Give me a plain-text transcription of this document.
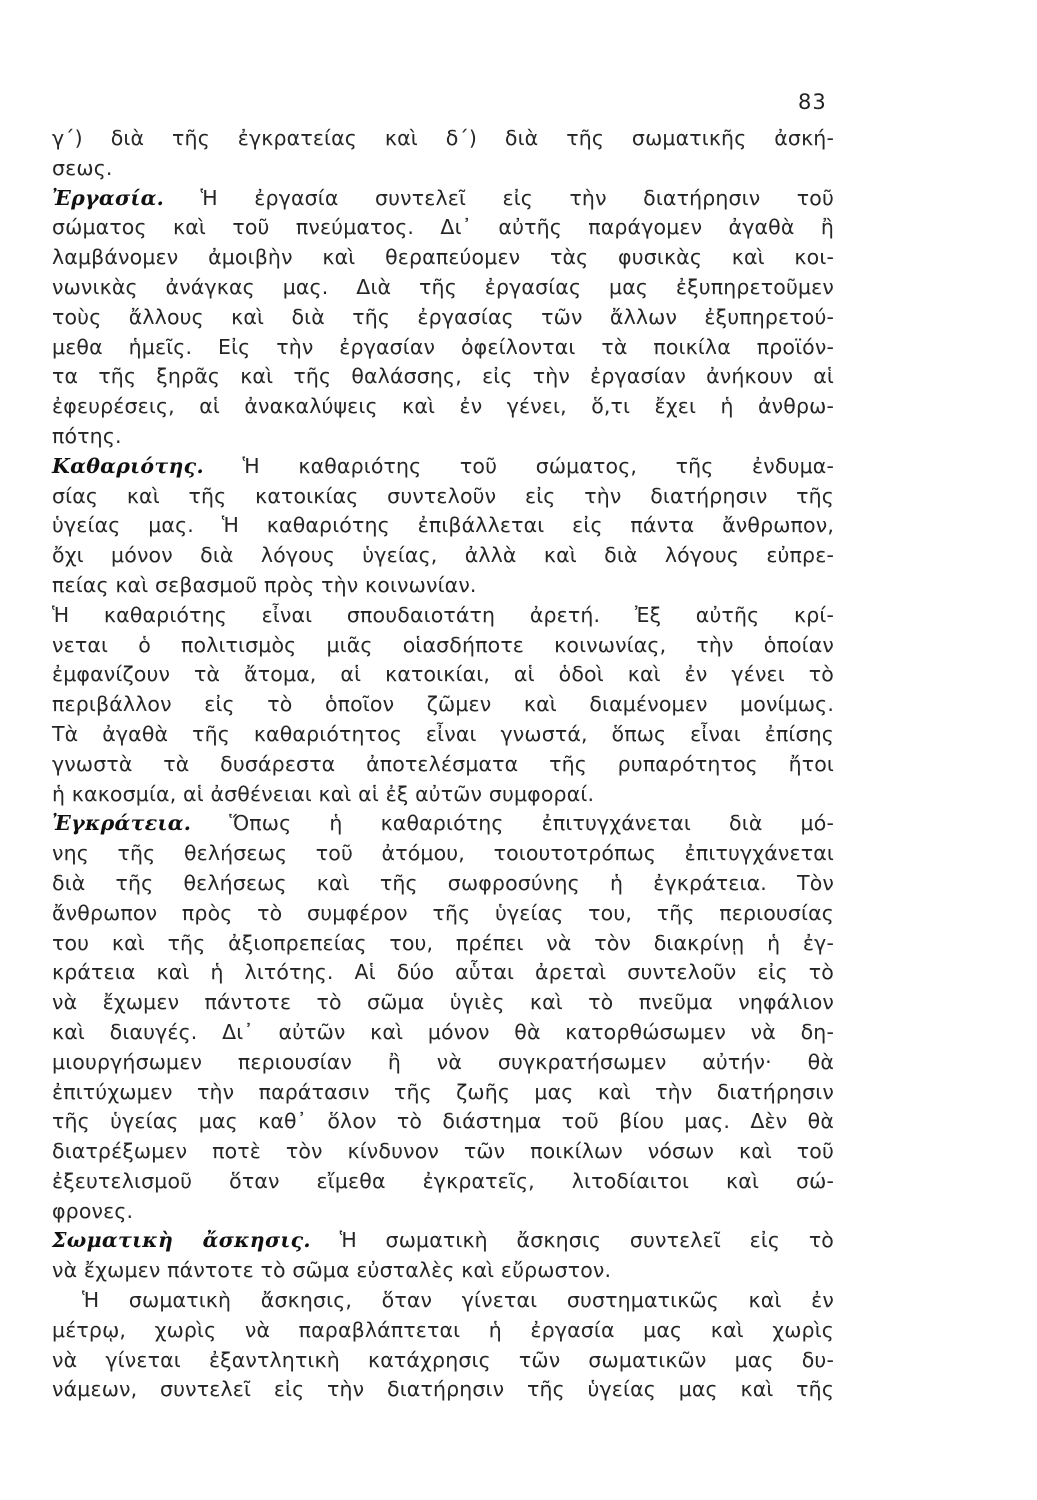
83
γ΄) διὰ τῆς ἐγκρατείας καὶ δ΄) διὰ τῆς σωματικῆς ἀσκή-
σεως.
Ἐργασία. Ἡ ἐργασία συντελεῖ εἰς τὴν διατήρησιν τοῦ
σώματος καὶ τοῦ πνεύματος. Δι᾽ αὐτῆς παράγομεν ἀγαθὰ ἢ
λαμβάνομεν ἀμοιβὴν καὶ θεραπεύομεν τὰς φυσικὰς καὶ κοι-
νωνικὰς ἀνάγκας μας. Διὰ τῆς ἐργασίας μας ἐξυπηρετοῦμεν
τοὺς ἄλλους καὶ διὰ τῆς ἐργασίας τῶν ἄλλων ἐξυπηρετού-
μεθα ἡμεῖς. Εἰς τὴν ἐργασίαν ὀφείλονται τὰ ποικίλα προϊόν-
τα τῆς ξηρᾶς καὶ τῆς θαλάσσης, εἰς τὴν ἐργασίαν ἀνήκουν αἱ
ἐφευρέσεις, αἱ ἀνακαλύψεις καὶ ἐν γένει, ὅ,τι ἔχει ἡ ἀνθρω-
πότης.
Καθαριότης. Ἡ καθαριότης τοῦ σώματος, τῆς ἐνδυμα-
σίας καὶ τῆς κατοικίας συντελοῦν εἰς τὴν διατήρησιν τῆς
ὑγείας μας. Ἡ καθαριότης ἐπιβάλλεται εἰς πάντα ἄνθρωπον,
ὄχι μόνον διὰ λόγους ὑγείας, ἀλλὰ καὶ διὰ λόγους εὐπρε-
πείας καὶ σεβασμοῦ πρὸς τὴν κοινωνίαν.
Ἡ καθαριότης εἶναι σπουδαιοτάτη ἀρετή. Ἐξ αὐτῆς κρί-
νεται ὁ πολιτισμὸς μιᾶς οἱασδήποτε κοινωνίας, τὴν ὁποίαν
ἐμφανίζουν τὰ ἄτομα, αἱ κατοικίαι, αἱ ὁδοὶ καὶ ἐν γένει τὸ
περιβάλλον εἰς τὸ ὁποῖον ζῶμεν καὶ διαμένομεν μονίμως.
Τὰ ἀγαθὰ τῆς καθαριότητος εἶναι γνωστά, ὅπως εἶναι ἐπίσης
γνωστὰ τὰ δυσάρεστα ἀποτελέσματα τῆς ρυπαρότητος ἤτοι
ἡ κακοσμία, αἱ ἀσθένειαι καὶ αἱ ἐξ αὐτῶν συμφοραί.
Ἐγκράτεια. Ὅπως ἡ καθαριότης ἐπιτυγχάνεται διὰ μό-
νης τῆς θελήσεως τοῦ ἀτόμου, τοιουτοτρόπως ἐπιτυγχάνεται
διὰ τῆς θελήσεως καὶ τῆς σωφροσύνης ἡ ἐγκράτεια. Τὸν
ἄνθρωπον πρὸς τὸ συμφέρον τῆς ὑγείας του, τῆς περιουσίας
του καὶ τῆς ἀξιοπρεπείας του, πρέπει νὰ τὸν διακρίνῃ ἡ ἐγ-
κράτεια καὶ ἡ λιτότης. Αἱ δύο αὗται ἀρεταὶ συντελοῦν εἰς τὸ
νὰ ἔχωμεν πάντοτε τὸ σῶμα ὑγιὲς καὶ τὸ πνεῦμα νηφάλιον
καὶ διαυγές. Δι᾽ αὐτῶν καὶ μόνον θὰ κατορθώσωμεν νὰ δη-
μιουργήσωμεν περιουσίαν ἢ νὰ συγκρατήσωμεν αὐτήν· θὰ
ἐπιτύχωμεν τὴν παράτασιν τῆς ζωῆς μας καὶ τὴν διατήρησιν
τῆς ὑγείας μας καθ᾽ ὅλον τὸ διάστημα τοῦ βίου μας. Δὲν θὰ
διατρέξωμεν ποτὲ τὸν κίνδυνον τῶν ποικίλων νόσων καὶ τοῦ
ἐξευτελισμοῦ ὅταν εἴμεθα ἐγκρατεῖς, λιτοδίαιτοι καὶ σώ-
φρονες.
Σωματικὴ ἄσκησις. Ἡ σωματικὴ ἄσκησις συντελεῖ εἰς τὸ
νὰ ἔχωμεν πάντοτε τὸ σῶμα εὐσταλὲς καὶ εὔρωστον.
Ἡ σωματικὴ ἄσκησις, ὅταν γίνεται συστηματικῶς καὶ ἐν
μέτρῳ, χωρὶς νὰ παραβλάπτεται ἡ ἐργασία μας καὶ χωρὶς
νὰ γίνεται ἐξαντλητικὴ κατάχρησις τῶν σωματικῶν μας δυ-
νάμεων, συντελεῖ εἰς τὴν διατήρησιν τῆς ὑγείας μας καὶ τῆς
